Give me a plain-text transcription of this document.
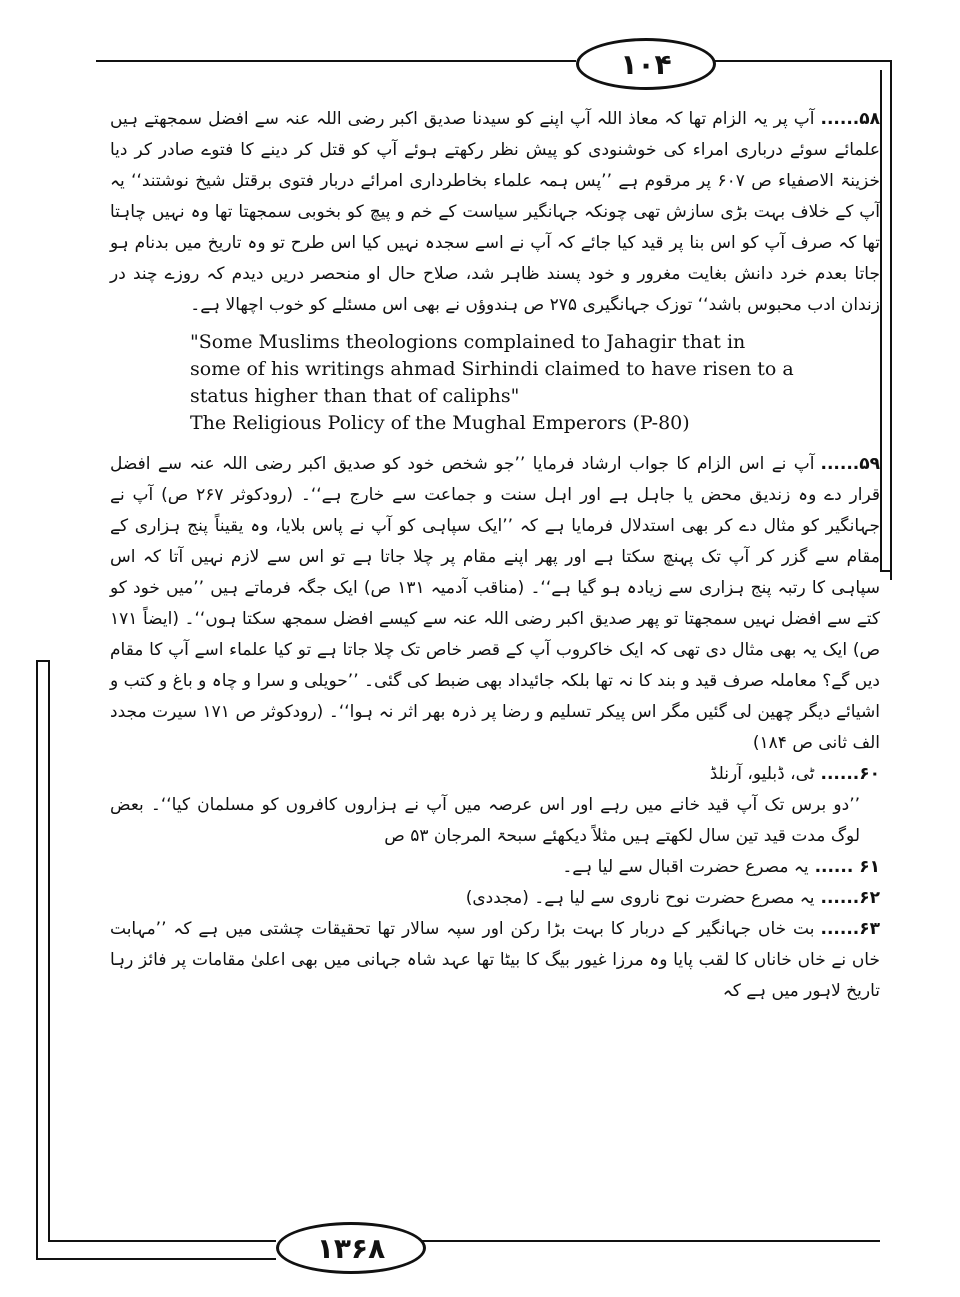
۱۰۴

۵۸......آپ پر یہ الزام تھا کہ معاذ اللہ آپ اپنے کو سیدنا صدیق اکبر رضی اللہ عنہ سے افضل سمجھتے ہیں علمائے سوئے درباری امراء کی خوشنودی کو پیش نظر رکھتے ہوئے آپ کو قتل کر دینے کا فتوے صادر کر دیا خزینۃ الاصفیاء ص ۶۰۷ پر مرقوم ہے ’’پس ہمہ علماء بخاطرداری امرائے دربار فتوی برقتل شیخ نوشتند‘‘ یہ آپ کے خلاف بہت بڑی سازش تھی چونکہ جہانگیر سیاست کے خم و پیچ کو بخوبی سمجھتا تھا وہ نہیں چاہتا تھا کہ صرف آپ کو اس بنا پر قید کیا جائے کہ آپ نے اسے سجدہ نہیں کیا اس طرح تو وہ تاریخ میں بدنام ہو جاتا بعدم خرد دانش بغایت مغرور و خود پسند ظاہر شد، صلاح حال او منحصر دریں دیدم کہ روزے چند در زندان ادب محبوس باشد‘‘ توزک جہانگیری ۲۷۵ ص ہندوؤں نے بھی اس مسئلے کو خوب اچھالا ہے۔

"Some Muslims theologions complained to Jahagir that in

some of his writings ahmad Sirhindi claimed to have risen to a

status higher than that of caliphs"

The Religious Policy of the Mughal Emperors (P-80)

۵۹......آپ نے اس الزام کا جواب ارشاد فرمایا ’’جو شخص خود کو صدیق اکبر رضی اللہ عنہ سے افضل قرار دے وہ زندیق محض یا جاہل ہے اور اہل سنت و جماعت سے خارج ہے‘‘۔ (رودکوثر ۲۶۷ ص) آپ نے جہانگیر کو مثال دے کر بھی استدلال فرمایا ہے کہ ’’ایک سپاہی کو آپ نے پاس بلایا، وہ یقیناً پنج ہزاری کے مقام سے گزر کر آپ تک پہنچ سکتا ہے اور پھر اپنے مقام پر چلا جاتا ہے تو اس سے لازم نہیں آتا کہ اس سپاہی کا رتبہ پنج ہزاری سے زیادہ ہو گیا ہے‘‘۔ (مناقب آدمیہ ۱۳۱ ص) ایک جگہ فرماتے ہیں ’’میں خود کو کتے سے افضل نہیں سمجھتا تو پھر صدیق اکبر رضی اللہ عنہ سے کیسے افضل سمجھ سکتا ہوں‘‘۔ (ایضاً ۱۷۱ ص) ایک یہ بھی مثال دی تھی کہ ایک خاکروب آپ کے قصر خاص تک چلا جاتا ہے تو کیا علماء اسے آپ کا مقام دیں گے؟ معاملہ صرف قید و بند کا نہ تھا بلکہ جائیداد بھی ضبط کی گئی۔ ’’حویلی و سرا و چاہ و باغ و کتب و اشیائے دیگر چھین لی گئیں مگر اس پیکر تسلیم و رضا پر ذرہ بھر اثر نہ ہوا‘‘۔ (رودکوثر ص ۱۷۱ سیرت مجدد الف ثانی ص ۱۸۴)

۶۰......ٹی، ڈبلیو، آرنلڈ

’’دو برس تک آپ قید خانے میں رہے اور اس عرصہ میں آپ نے ہزاروں کافروں کو مسلمان کیا‘‘۔ بعض لوگ مدت قید تین سال لکھتے ہیں مثلاً دیکھئے سبحۃ المرجان ۵۳ ص

۶۱ ......یہ مصرع حضرت اقبال سے لیا ہے۔

۶۲......یہ مصرع حضرت نوح ناروی سے لیا ہے۔ (مجددی)

۶۳......بت خاں جہانگیر کے دربار کا بہت بڑا رکن اور سپہ سالار تھا تحقیقات چشتی میں ہے کہ ’’مہابت خاں نے خاں خاناں کا لقب پایا وہ مرزا غیور بیگ کا بیٹا تھا عہد شاہ جہانی میں بھی اعلیٰ مقامات پر فائز رہا تاریخ لاہور میں ہے کہ

۱۳۶۸
